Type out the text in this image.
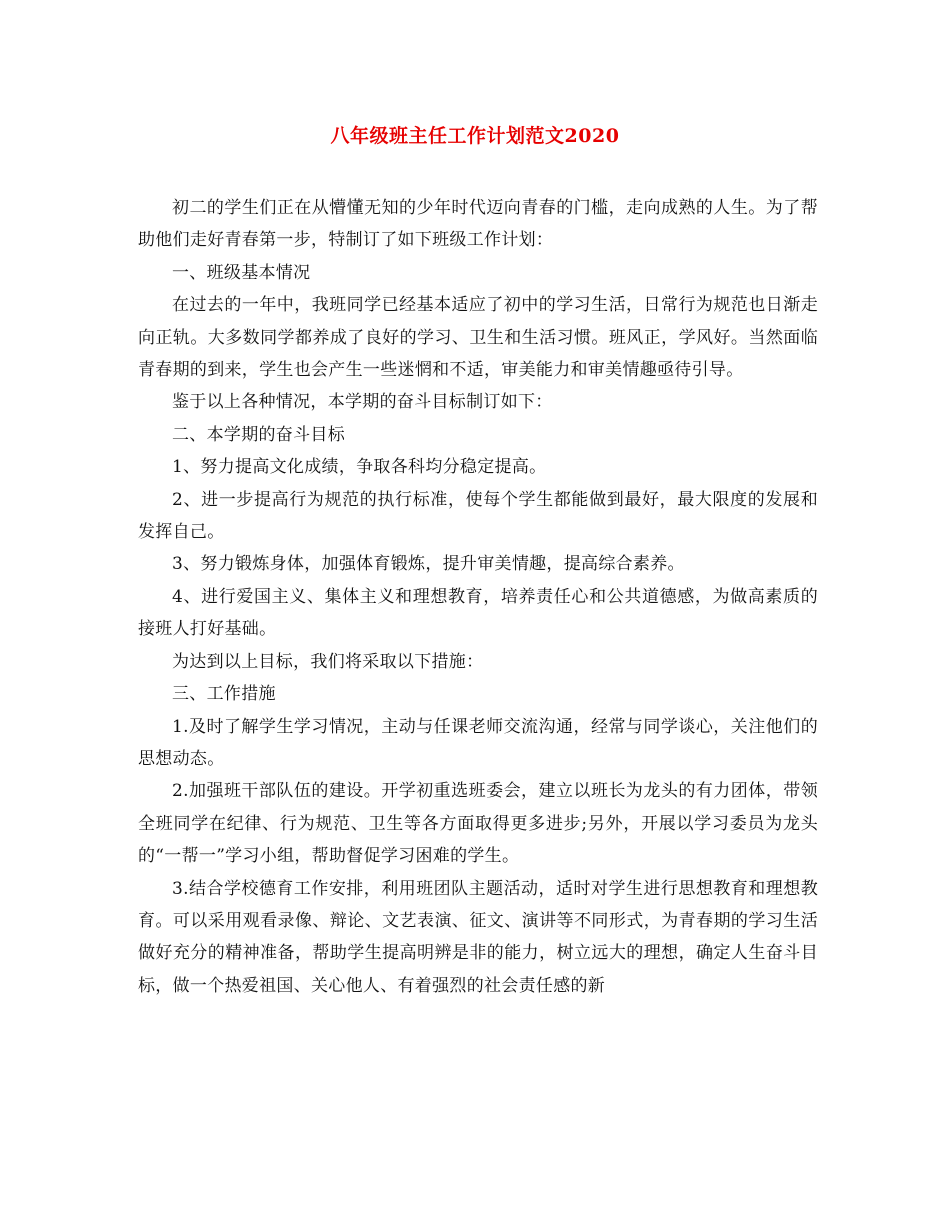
八年级班主任工作计划范文2020

初二的学生们正在从懵懂无知的少年时代迈向青春的门槛，走向成熟的人生。为了帮助他们走好青春第一步，特制订了如下班级工作计划：

一、班级基本情况

在过去的一年中，我班同学已经基本适应了初中的学习生活，日常行为规范也日渐走向正轨。大多数同学都养成了良好的学习、卫生和生活习惯。班风正，学风好。当然面临青春期的到来，学生也会产生一些迷惘和不适，审美能力和审美情趣亟待引导。

鉴于以上各种情况，本学期的奋斗目标制订如下：

二、本学期的奋斗目标

1、努力提高文化成绩，争取各科均分稳定提高。

2、进一步提高行为规范的执行标准，使每个学生都能做到最好，最大限度的发展和发挥自己。

3、努力锻炼身体，加强体育锻炼，提升审美情趣，提高综合素养。

4、进行爱国主义、集体主义和理想教育，培养责任心和公共道德感，为做高素质的接班人打好基础。

为达到以上目标，我们将采取以下措施：

三、工作措施

1.及时了解学生学习情况，主动与任课老师交流沟通，经常与同学谈心，关注他们的思想动态。

2.加强班干部队伍的建设。开学初重选班委会，建立以班长为龙头的有力团体，带领全班同学在纪律、行为规范、卫生等各方面取得更多进步;另外，开展以学习委员为龙头的“一帮一”学习小组，帮助督促学习困难的学生。

3.结合学校德育工作安排，利用班团队主题活动，适时对学生进行思想教育和理想教育。可以采用观看录像、辩论、文艺表演、征文、演讲等不同形式，为青春期的学习生活做好充分的精神准备，帮助学生提高明辨是非的能力，树立远大的理想，确定人生奋斗目标，做一个热爱祖国、关心他人、有着强烈的社会责任感的新
